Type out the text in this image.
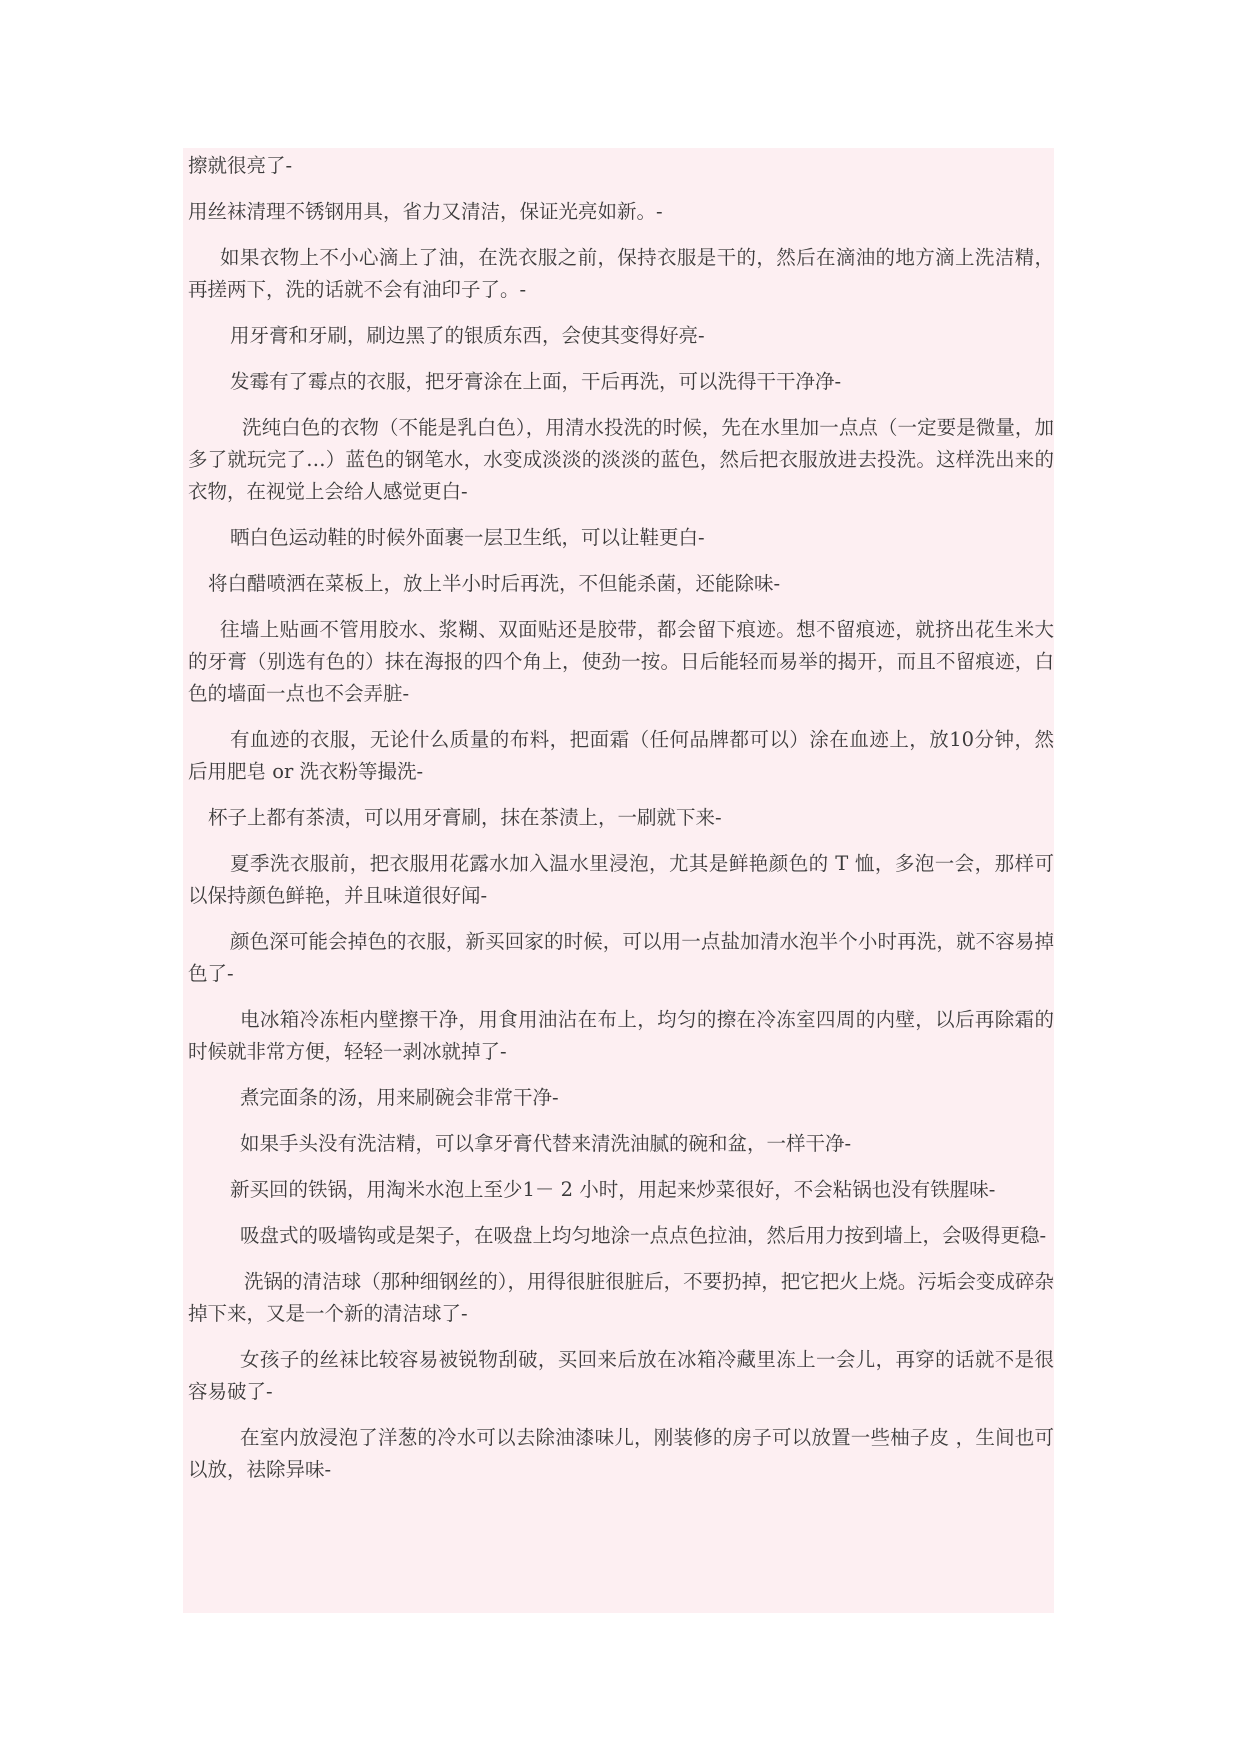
擦就很亮了-

用丝袜清理不锈钢用具，省力又清洁，保证光亮如新。-

如果衣物上不小心滴上了油，在洗衣服之前，保持衣服是干的，然后在滴油的地方滴上洗洁精，再搓两下，洗的话就不会有油印子了。-

用牙膏和牙刷，刷边黑了的银质东西，会使其变得好亮-

发霉有了霉点的衣服，把牙膏涂在上面，干后再洗，可以洗得干干净净-

洗纯白色的衣物（不能是乳白色），用清水投洗的时候，先在水里加一点点（一定要是微量，加多了就玩完了…）蓝色的钢笔水，水变成淡淡的淡淡的蓝色，然后把衣服放进去投洗。这样洗出来的衣物，在视觉上会给人感觉更白-

晒白色运动鞋的时候外面裹一层卫生纸，可以让鞋更白-

将白醋喷洒在菜板上，放上半小时后再洗，不但能杀菌，还能除味-

往墙上贴画不管用胶水、浆糊、双面贴还是胶带，都会留下痕迹。想不留痕迹，就挤出花生米大的牙膏（别选有色的）抹在海报的四个角上，使劲一按。日后能轻而易举的揭开，而且不留痕迹，白色的墙面一点也不会弄脏-

有血迹的衣服，无论什么质量的布料，把面霜（任何品牌都可以）涂在血迹上，放10分钟，然后用肥皂 or 洗衣粉等撮洗-

杯子上都有茶渍，可以用牙膏刷，抹在茶渍上，一刷就下来-

夏季洗衣服前，把衣服用花露水加入温水里浸泡，尤其是鲜艳颜色的 T 恤，多泡一会，那样可以保持颜色鲜艳，并且味道很好闻-

颜色深可能会掉色的衣服，新买回家的时候，可以用一点盐加清水泡半个小时再洗，就不容易掉色了-

电冰箱冷冻柜内壁擦干净，用食用油沾在布上，均匀的擦在冷冻室四周的内壁，以后再除霜的时候就非常方便，轻轻一剥冰就掉了-

煮完面条的汤，用来刷碗会非常干净-

如果手头没有洗洁精，可以拿牙膏代替来清洗油腻的碗和盆，一样干净-

新买回的铁锅，用淘米水泡上至少1－ 2 小时，用起来炒菜很好，不会粘锅也没有铁腥味-

吸盘式的吸墙钩或是架子，在吸盘上均匀地涂一点点色拉油，然后用力按到墙上，会吸得更稳-

洗锅的清洁球（那种细钢丝的），用得很脏很脏后，不要扔掉，把它把火上烧。污垢会变成碎杂掉下来，又是一个新的清洁球了-

女孩子的丝袜比较容易被锐物刮破，买回来后放在冰箱冷藏里冻上一会儿，再穿的话就不是很容易破了-

在室内放浸泡了洋葱的冷水可以去除油漆味儿，刚装修的房子可以放置一些柚子皮 ，生间也可以放，祛除异味-
